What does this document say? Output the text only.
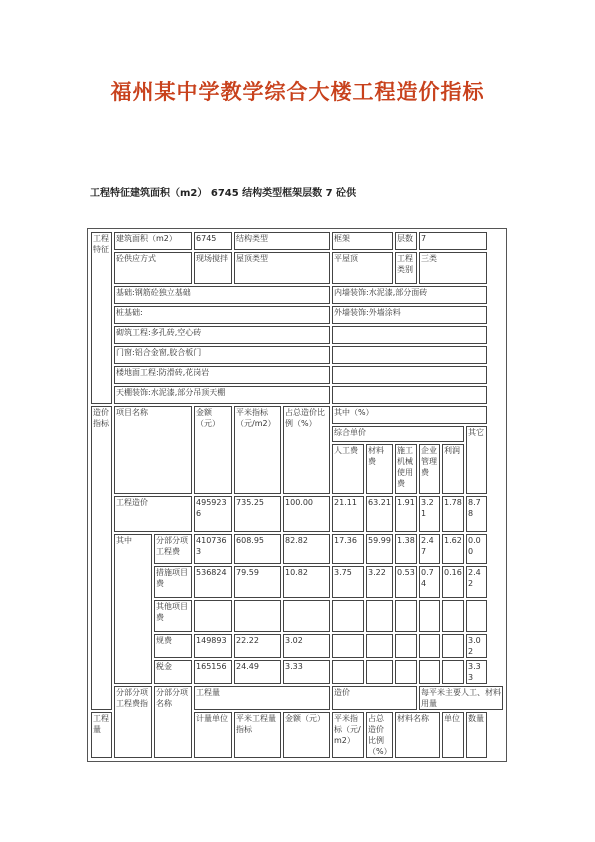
福州某中学教学综合大楼工程造价指标
工程特征建筑面积（m2） 6745 结构类型框架层数 7 砼供
工程特征	建筑面积（m2）		6745	结构类型		框架		层数	7		
	砼供应方式		现场搅拌	屋顶类型		平屋顶		工程类别	三类		
	基础:钢筋砼独立基础					内墙装饰:水泥漆,部分面砖					
	桩基础:					外墙装饰:外墙涂料					
	砌筑工程:多孔砖,空心砖										
	门窗:铝合金窗,胶合板门										
	楼地面工程:防滑砖,花岗岩										
	天棚装饰:水泥漆,部分吊顶天棚										
造价指标	项目名称		金额（元）	平米指标（元/m2）	占总造价比例（%）	其中（%）					
						综合单价					其它
						人工费	材料费	施工机械使用费	企业管理费	利润	
	工程造价		4959236	735.25	100.00	21.11	63.21	1.91	3.21	1.78	8.78
	其中	分部分项工程费	4107363	608.95	82.82	17.36	59.99	1.38	2.47	1.62	0.00
		措施项目费	536824	79.59	10.82	3.75	3.22	0.53	0.74	0.16	2.42
		其他项目费									
		规费	149893	22.22	3.02						3.02
		税金	165156	24.49	3.33						3.33
	分部分项工程费指	分部分项名称	工程量			造价			每平米主要人工、材料用量		
工程量			计量单位	平米工程量指标	金额（元）	平米指标（元/m2）	占总造价比例（%）	材料名称		单位	数量
